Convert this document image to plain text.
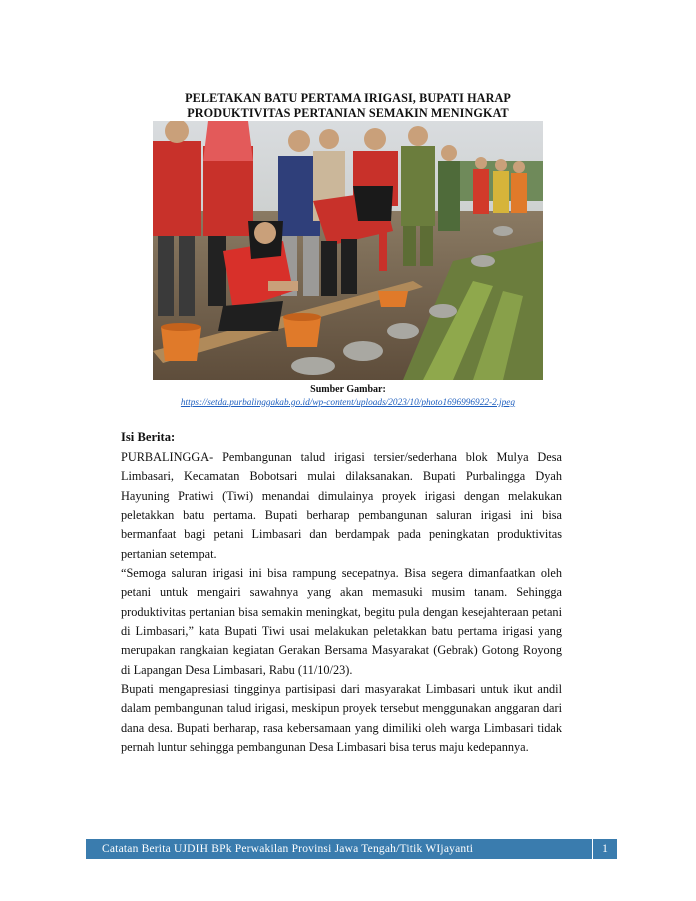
PELETAKAN BATU PERTAMA IRIGASI, BUPATI HARAP
PRODUKTIVITAS PERTANIAN SEMAKIN MENINGKAT
Sumber Gambar:
https://setda.purbalinggakab.go.id/wp-content/uploads/2023/10/photo1696996922-2.jpeg
Isi Berita:

PURBALINGGA- Pembangunan talud irigasi tersier/sederhana blok Mulya Desa Limbasari, Kecamatan Bobotsari mulai dilaksanakan. Bupati Purbalingga Dyah Hayuning Pratiwi (Tiwi) menandai dimulainya proyek irigasi dengan melakukan peletakkan batu pertama. Bupati berharap pembangunan saluran irigasi ini bisa bermanfaat bagi petani Limbasari dan berdampak pada peningkatan produktivitas pertanian setempat.

“Semoga saluran irigasi ini bisa rampung secepatnya. Bisa segera dimanfaatkan oleh petani untuk mengairi sawahnya yang akan memasuki musim tanam. Sehingga produktivitas pertanian bisa semakin meningkat, begitu pula dengan kesejahteraan petani di Limbasari,” kata Bupati Tiwi usai melakukan peletakkan batu pertama irigasi yang merupakan rangkaian kegiatan Gerakan Bersama Masyarakat (Gebrak) Gotong Royong di Lapangan Desa Limbasari, Rabu (11/10/23).

Bupati mengapresiasi tingginya partisipasi dari masyarakat Limbasari untuk ikut andil dalam pembangunan talud irigasi, meskipun proyek tersebut menggunakan anggaran dari dana desa. Bupati berharap, rasa kebersamaan yang dimiliki oleh warga Limbasari tidak pernah luntur sehingga pembangunan Desa Limbasari bisa terus maju kedepannya.

Catatan Berita UJDIH BPk Perwakilan Provinsi Jawa Tengah/Titik WIjayanti	1
